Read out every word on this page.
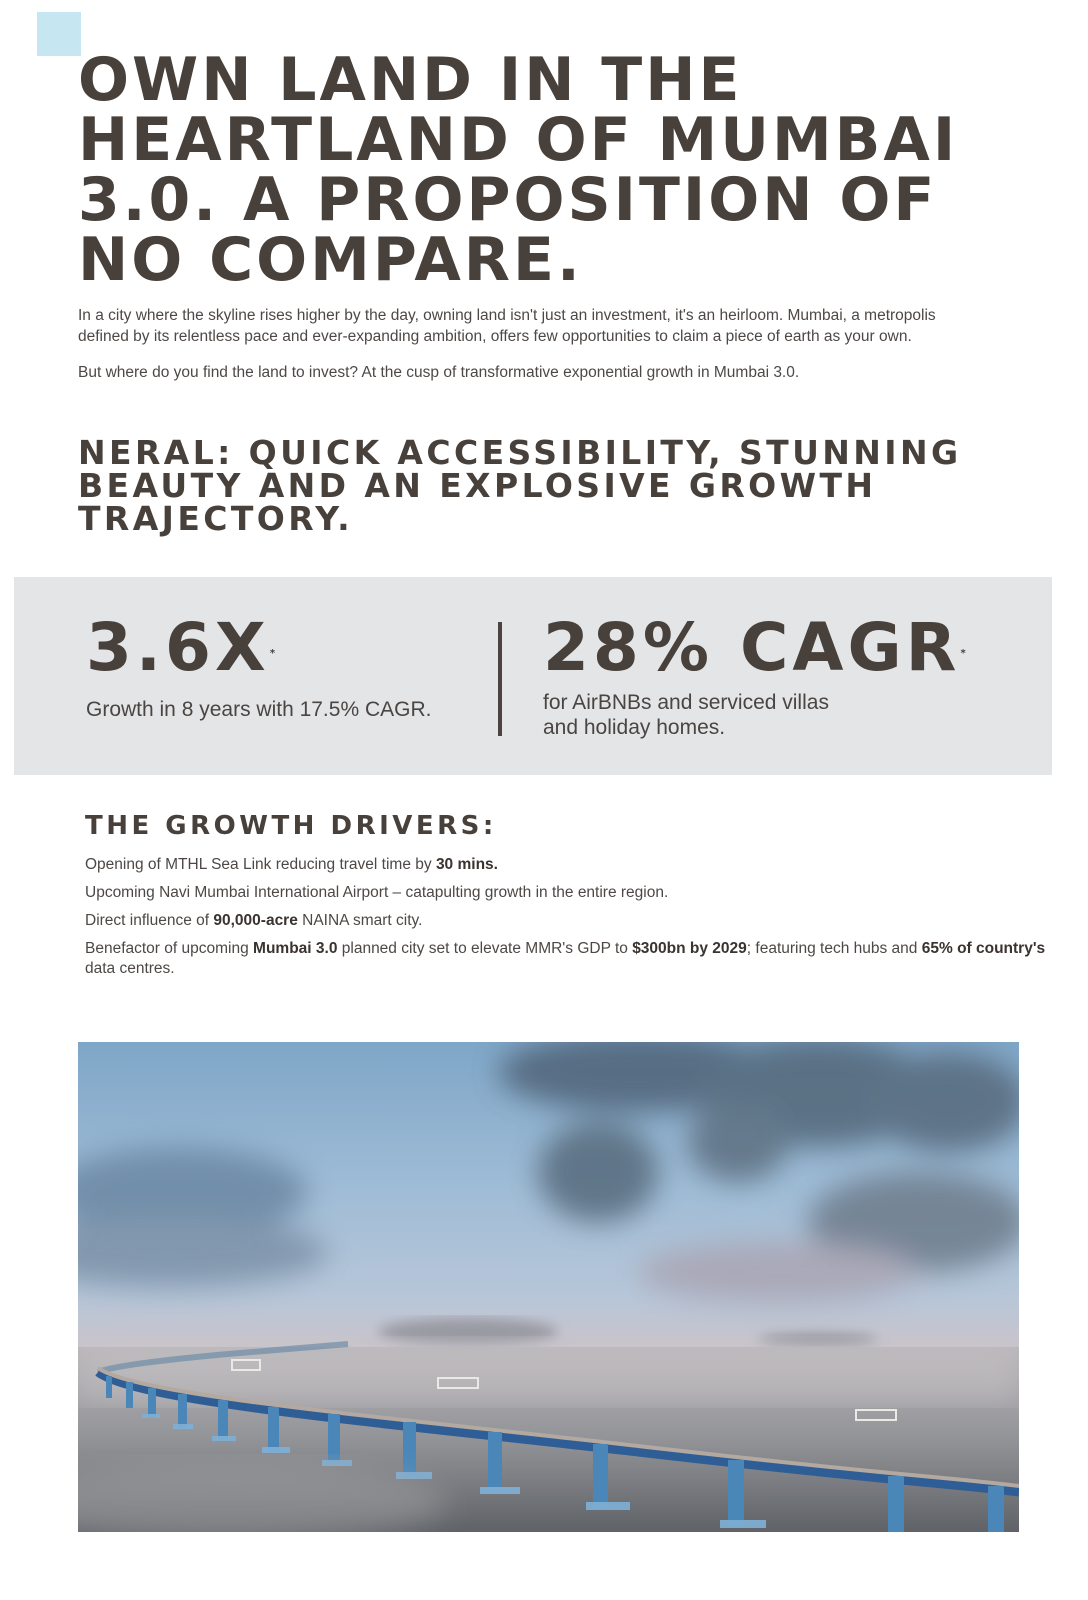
OWN LAND IN THE
HEARTLAND OF MUMBAI
3.0. A PROPOSITION OF
NO COMPARE.

In a city where the skyline rises higher by the day, owning land isn't just an investment, it's an heirloom. Mumbai, a metropolis defined by its relentless pace and ever-expanding ambition, offers few opportunities to claim a piece of earth as your own.

But where do you find the land to invest? At the cusp of transformative exponential growth in Mumbai 3.0.

NERAL: QUICK ACCESSIBILITY, STUNNING
BEAUTY AND AN EXPLOSIVE GROWTH
TRAJECTORY.
3.6X*
Growth in 8 years with 17.5% CAGR.
28% CAGR*
for AirBNBs and serviced villas
and holiday homes.
THE GROWTH DRIVERS:
Opening of MTHL Sea Link reducing travel time by 30 mins.
Upcoming Navi Mumbai International Airport – catapulting growth in the entire region.
Direct influence of 90,000-acre NAINA smart city.
Benefactor of upcoming Mumbai 3.0 planned city set to elevate MMR's GDP to $300bn by 2029; featuring tech hubs and 65% of country's data centres.
